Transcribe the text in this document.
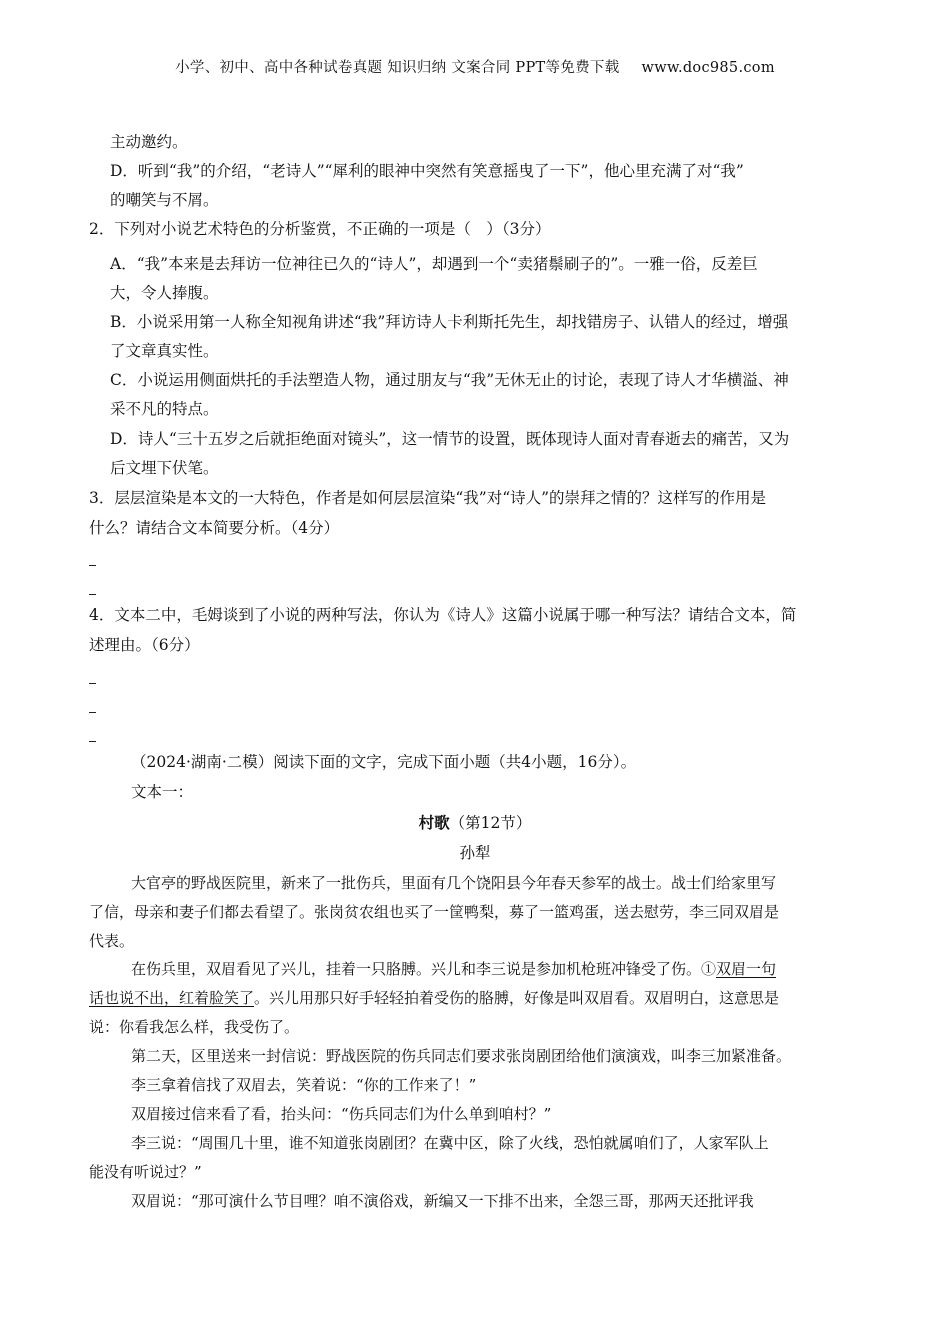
小学、初中、高中各种试卷真题 知识归纳 文案合同 PPT等免费下载 www.doc985.com
主动邀约。
D．听到“我”的介绍，“老诗人”“犀利的眼神中突然有笑意摇曳了一下”，他心里充满了对“我”
的嘲笑与不屑。
2．下列对小说艺术特色的分析鉴赏，不正确的一项是（　）（3分）
A．“我”本来是去拜访一位神往已久的“诗人”，却遇到一个“卖猪鬃刷子的”。一雅一俗，反差巨
大，令人捧腹。
B．小说采用第一人称全知视角讲述“我”拜访诗人卡利斯托先生，却找错房子、认错人的经过，增强
了文章真实性。
C．小说运用侧面烘托的手法塑造人物，通过朋友与“我”无休无止的讨论，表现了诗人才华横溢、神
采不凡的特点。
D．诗人“三十五岁之后就拒绝面对镜头”，这一情节的设置，既体现诗人面对青春逝去的痛苦，又为
后文埋下伏笔。
3．层层渲染是本文的一大特色，作者是如何层层渲染“我”对“诗人”的崇拜之情的？这样写的作用是
什么？请结合文本简要分析。（4分）
4．文本二中，毛姆谈到了小说的两种写法，你认为《诗人》这篇小说属于哪一种写法？请结合文本，简
述理由。（6分）
（2024·湖南·二模）阅读下面的文字，完成下面小题（共4小题，16分）。
文本一：
村歌（第12节）
孙犁
大官亭的野战医院里，新来了一批伤兵，里面有几个饶阳县今年春天参军的战士。战士们给家里写
了信，母亲和妻子们都去看望了。张岗贫农组也买了一筐鸭梨，募了一篮鸡蛋，送去慰劳，李三同双眉是
代表。
在伤兵里，双眉看见了兴儿，挂着一只胳膊。兴儿和李三说是参加机枪班冲锋受了伤。①双眉一句
话也说不出，红着脸笑了。兴儿用那只好手轻轻拍着受伤的胳膊，好像是叫双眉看。双眉明白，这意思是
说：你看我怎么样，我受伤了。
第二天，区里送来一封信说：野战医院的伤兵同志们要求张岗剧团给他们演演戏，叫李三加紧准备。
李三拿着信找了双眉去，笑着说：“你的工作来了！”
双眉接过信来看了看，抬头问：“伤兵同志们为什么单到咱村？”
李三说：“周围几十里，谁不知道张岗剧团？在冀中区，除了火线，恐怕就属咱们了，人家军队上
能没有听说过？”
双眉说：“那可演什么节目哩？咱不演俗戏，新编又一下排不出来，全怨三哥，那两天还批评我
